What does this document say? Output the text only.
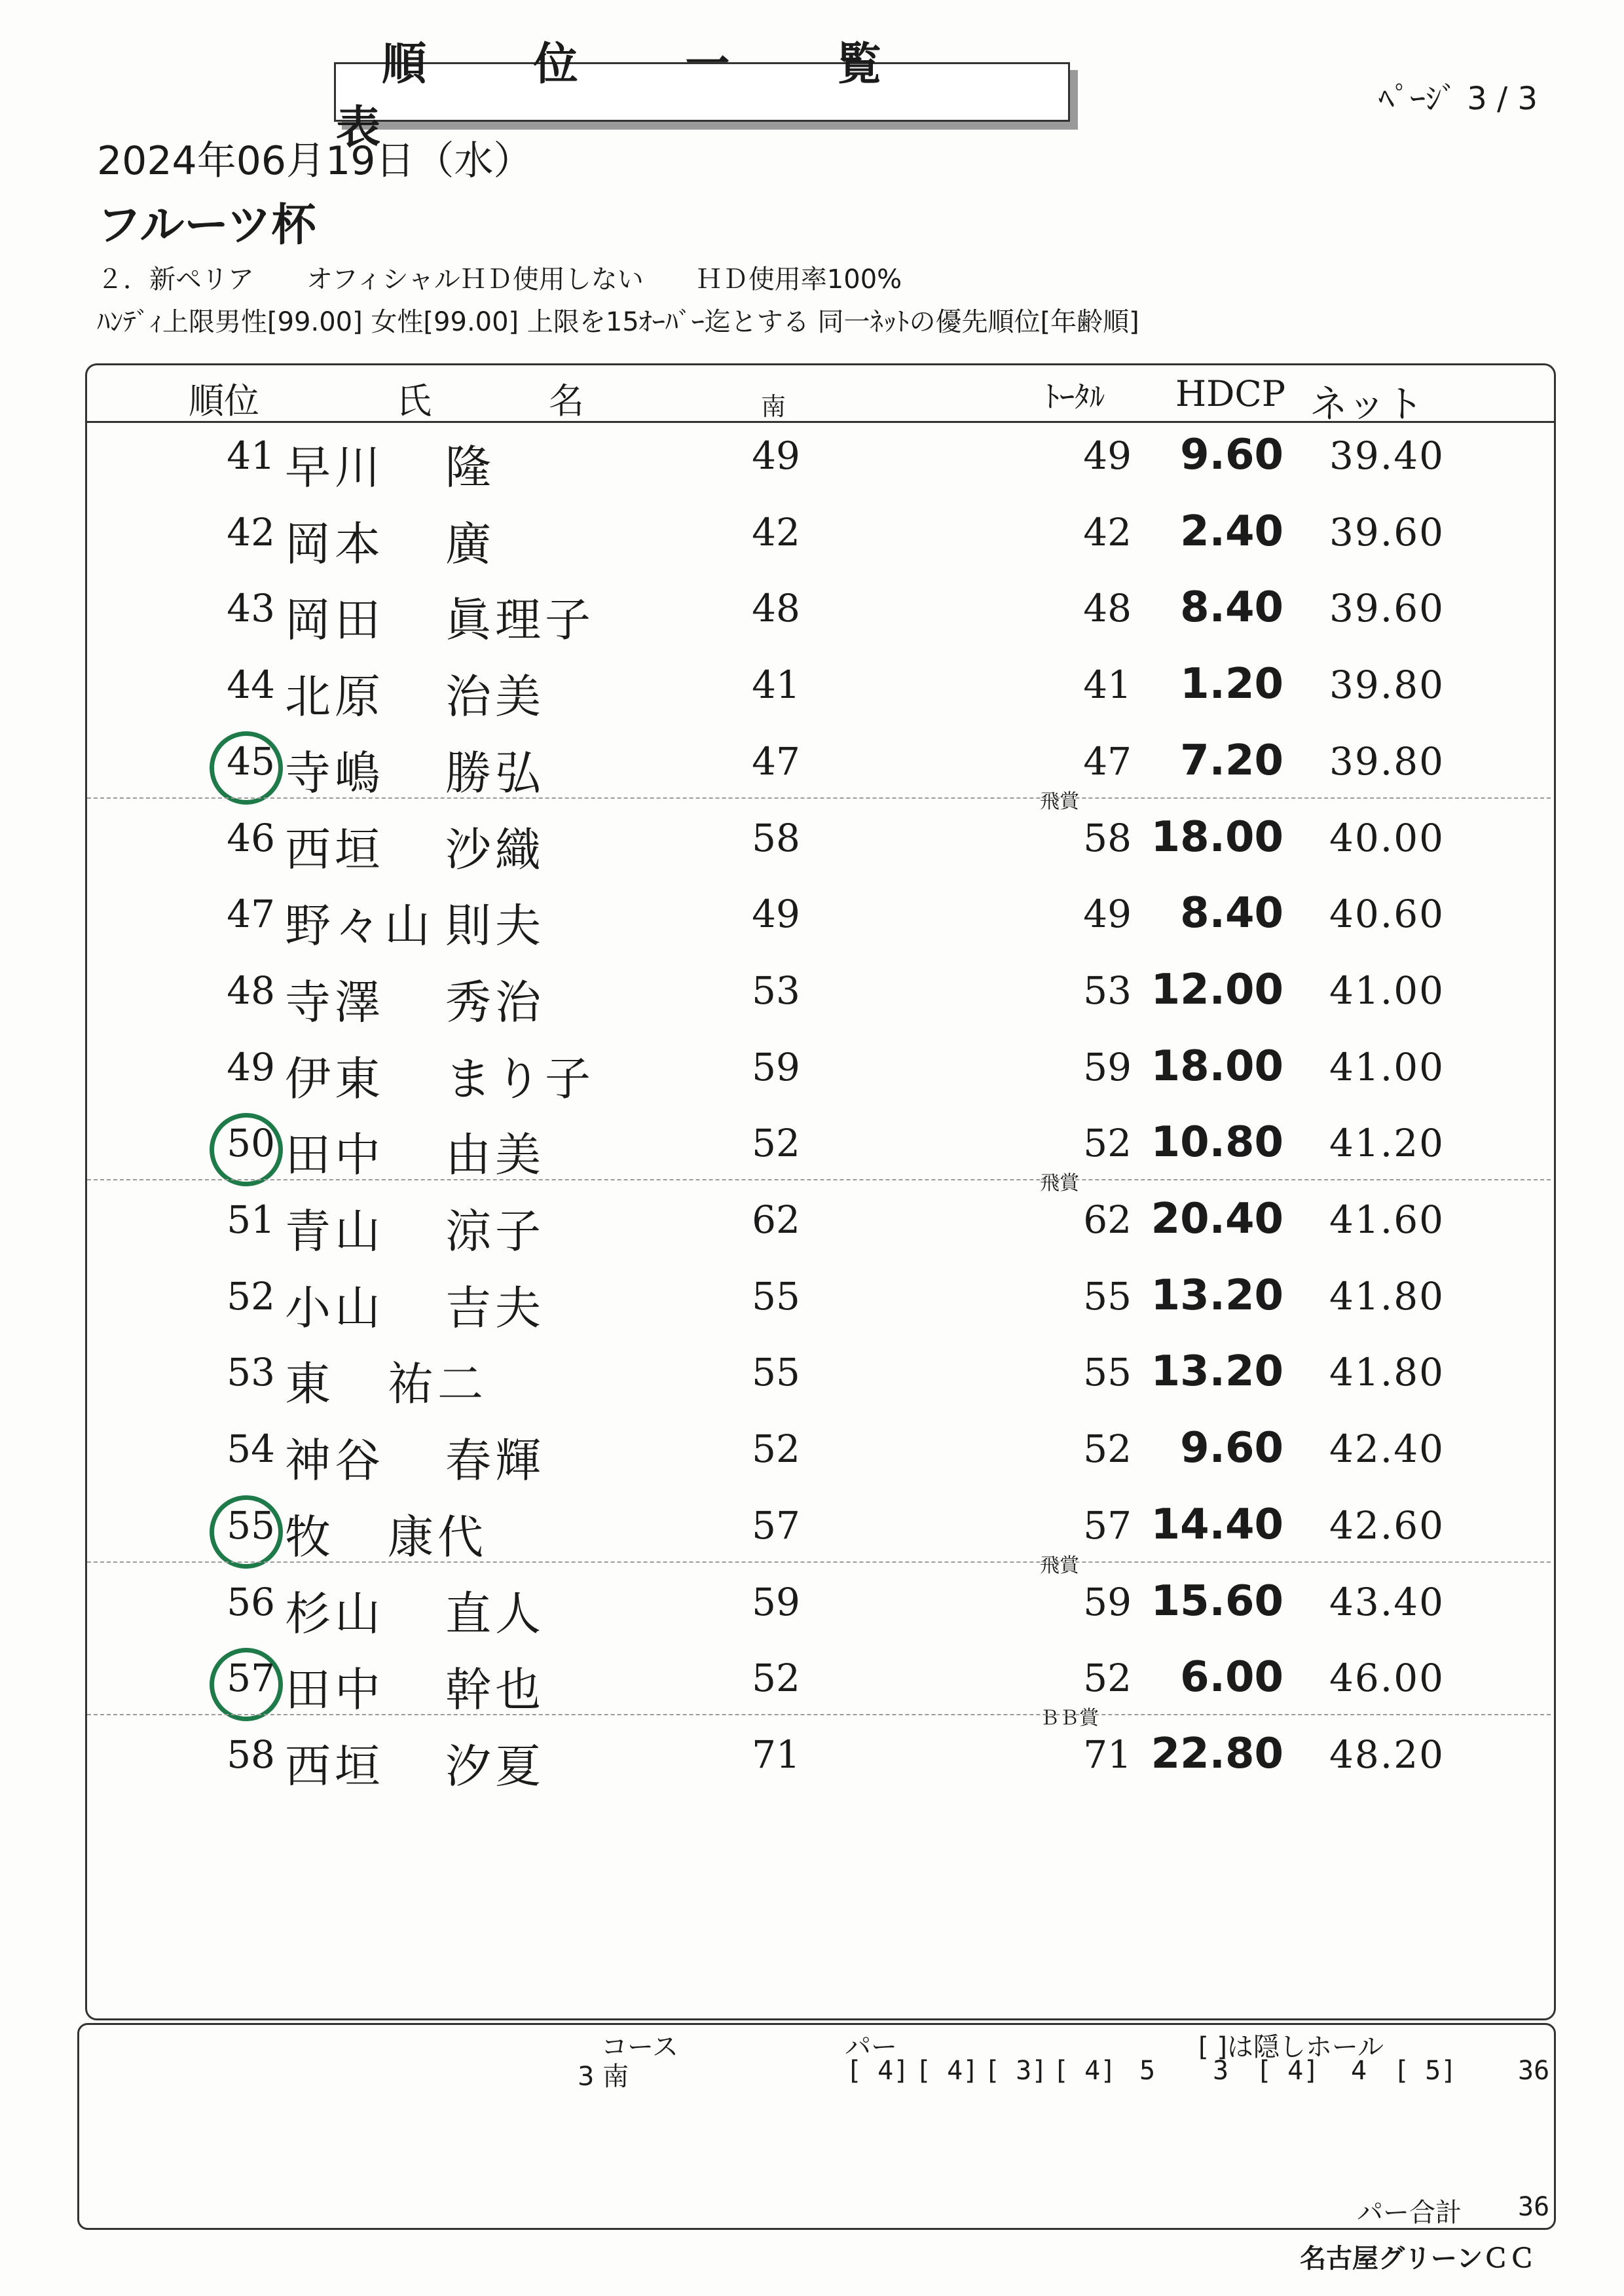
順 位 一 覧 表
ﾍﾟｰｼﾞ 3 / 3
2024年06月19日（水）
フルーツ杯
２．新ペリア　　オフィシャルＨＤ使用しない　　ＨＤ使用率100%
ﾊﾝﾃﾞｨ上限男性[99.00] 女性[99.00] 上限を15ｵｰﾊﾞｰ迄とする 同一ﾈｯﾄの優先順位[年齢順]
順位	氏	名	南	ﾄｰﾀﾙ HDCP ネット
41 早川 隆	49	49 9.60 39.40
42 岡本 廣	42	42 2.40 39.60
43 岡田 眞理子	48	48 8.40 39.60
44 北原 治美	41	41 1.20 39.80
45 寺嶋 勝弘	47	47 7.20 39.80
飛賞
46 西垣 沙織	58	58 18.00 40.00
47 野々山 則夫	49	49 8.40 40.60
48 寺澤 秀治	53	53 12.00 41.00
49 伊東 まり子	59	59 18.00 41.00
50 田中 由美	52	52 10.80 41.20
飛賞
51 青山 涼子	62	62 20.40 41.60
52 小山 吉夫	55	55 13.20 41.80
53 東 祐二	55	55 13.20 41.80
54 神谷 春輝	52	52 9.60 42.40
55 牧 康代	57	57 14.40 42.60
飛賞
56 杉山 直人	59	59 15.60 43.40
57 田中 幹也	52	52 6.00 46.00
ＢＢ賞
58 西垣 汐夏	71	71 22.80 48.20
コース	パー	[ ]は隠しホール
3 南	[ 4] [ 4] [ 3] [ 4] 5 3 [ 4] 4 [ 5] 36
パー合計 36
名古屋グリーンＣＣ
